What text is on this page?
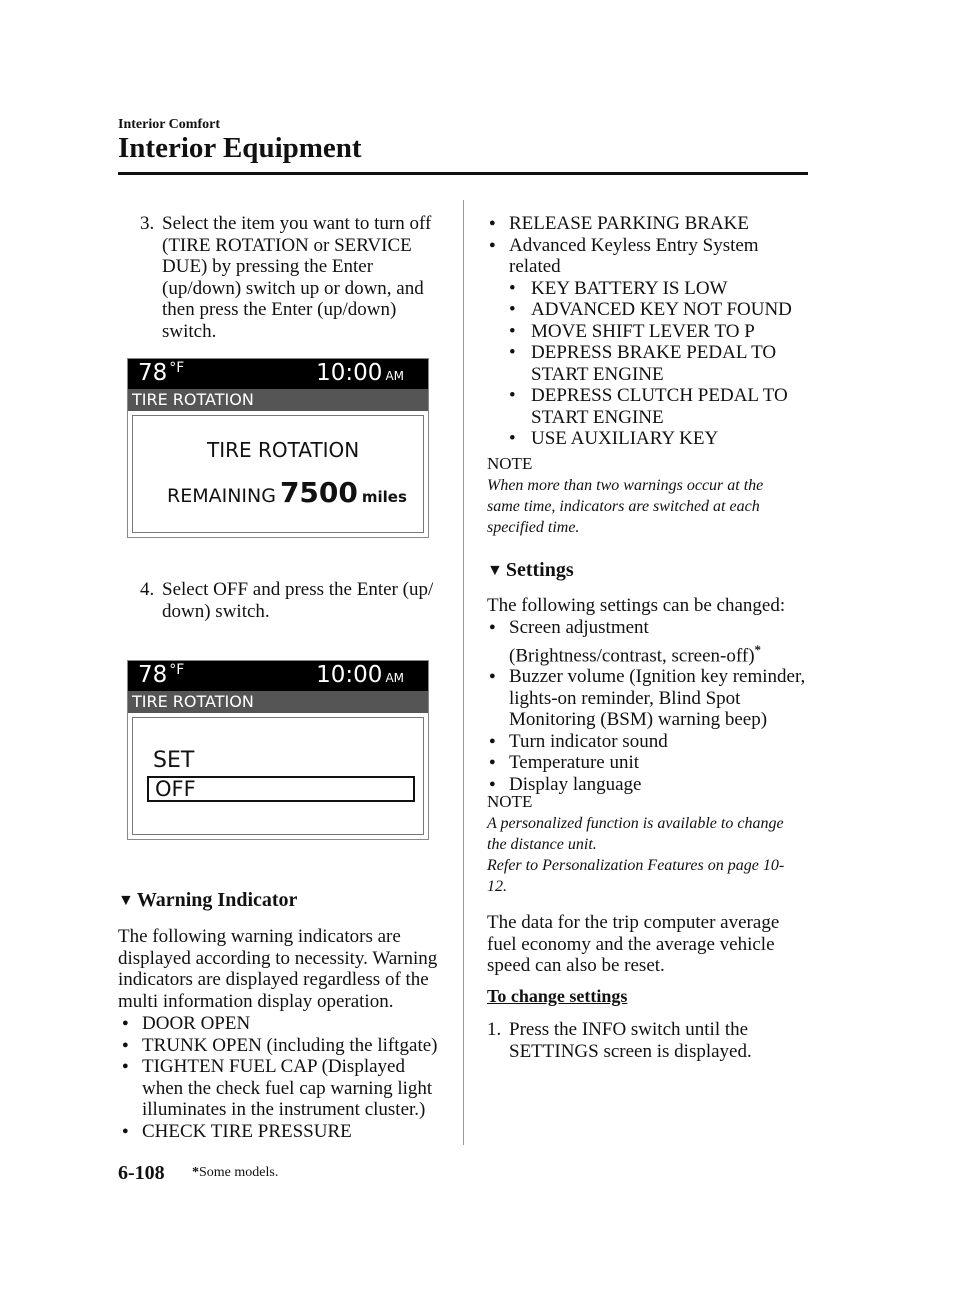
Interior Comfort
Interior Equipment
3. Select the item you want to turn off (TIRE ROTATION or SERVICE DUE) by pressing the Enter (up/down) switch up or down, and then press the Enter (up/down) switch.
78 $^{^\circ F}$	10:00 AM
TIRE ROTATION
TIRE ROTATION
REMAINING 7500 miles
4. Select OFF and press the Enter (up/ down) switch.
78 $^{^\circ F}$	10:00 AM
TIRE ROTATION
SET
OFF
▼ Warning Indicator
The following warning indicators are displayed according to necessity. Warning indicators are displayed regardless of the multi information display operation.
● DOOR OPEN
● TRUNK OPEN (including the liftgate)
● TIGHTEN FUEL CAP (Displayed when the check fuel cap warning light illuminates in the instrument cluster.)
● CHECK TIRE PRESSURE
● RELEASE PARKING BRAKE
● Advanced Keyless Entry System related
• KEY BATTERY IS LOW
• ADVANCED KEY NOT FOUND
• MOVE SHIFT LEVER TO P
• DEPRESS BRAKE PEDAL TO START ENGINE
• DEPRESS CLUTCH PEDAL TO START ENGINE
• USE AUXILIARY KEY
NOTE
When more than two warnings occur at the same time, indicators are switched at each specified time.
▼ Settings
The following settings can be changed:
● Screen adjustment (Brightness/contrast, screen-off)*
● Buzzer volume (Ignition key reminder, lights-on reminder, Blind Spot Monitoring (BSM) warning beep)
● Turn indicator sound
● Temperature unit
● Display language
NOTE
A personalized function is available to change the distance unit.
Refer to Personalization Features on page 10-12.
The data for the trip computer average fuel economy and the average vehicle speed can also be reset.
To change settings
1. Press the INFO switch until the SETTINGS screen is displayed.
6-108 *Some models.
